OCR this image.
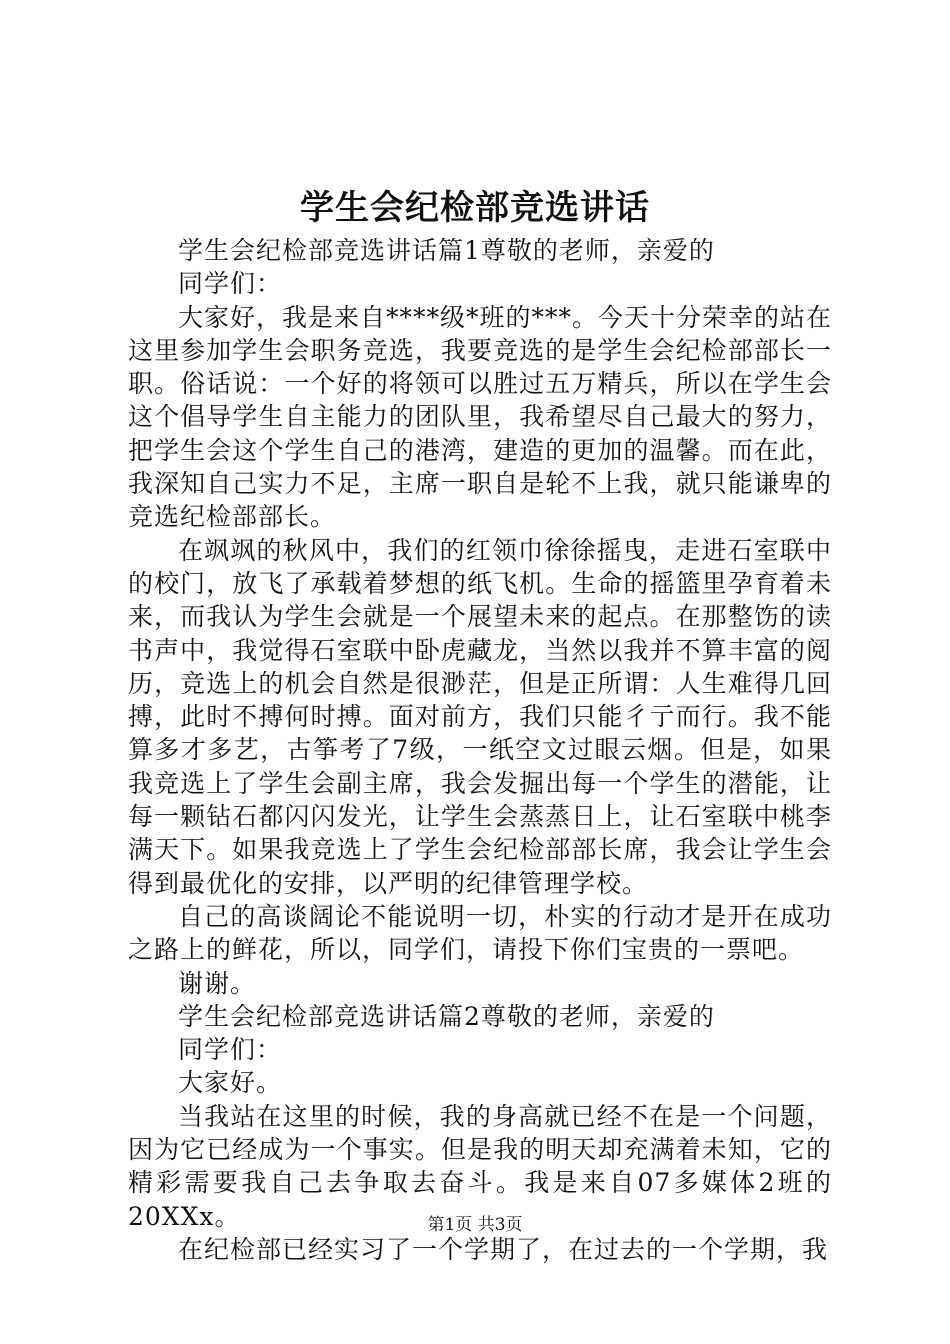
学生会纪检部竞选讲话

学生会纪检部竞选讲话篇1尊敬的老师，亲爱的

同学们：

大家好，我是来自****级*班的***。今天十分荣幸的站在这里参加学生会职务竞选，我要竞选的是学生会纪检部部长一职。俗话说：一个好的将领可以胜过五万精兵，所以在学生会这个倡导学生自主能力的团队里，我希望尽自己最大的努力，把学生会这个学生自己的港湾，建造的更加的温馨。而在此，我深知自己实力不足，主席一职自是轮不上我，就只能谦卑的竞选纪检部部长。

在飒飒的秋风中，我们的红领巾徐徐摇曳，走进石室联中的校门，放飞了承载着梦想的纸飞机。生命的摇篮里孕育着未来，而我认为学生会就是一个展望未来的起点。在那整饬的读书声中，我觉得石室联中卧虎藏龙，当然以我并不算丰富的阅历，竞选上的机会自然是很渺茫，但是正所谓：人生难得几回搏，此时不搏何时搏。面对前方，我们只能彳亍而行。我不能算多才多艺，古筝考了7级，一纸空文过眼云烟。但是，如果我竞选上了学生会副主席，我会发掘出每一个学生的潜能，让每一颗钻石都闪闪发光，让学生会蒸蒸日上，让石室联中桃李满天下。如果我竞选上了学生会纪检部部长席，我会让学生会得到最优化的安排，以严明的纪律管理学校。

自己的高谈阔论不能说明一切，朴实的行动才是开在成功之路上的鲜花，所以，同学们，请投下你们宝贵的一票吧。

谢谢。

学生会纪检部竞选讲话篇2尊敬的老师，亲爱的

同学们：

大家好。

当我站在这里的时候，我的身高就已经不在是一个问题，因为它已经成为一个事实。但是我的明天却充满着未知，它的精彩需要我自己去争取去奋斗。我是来自07多媒体2班的20XXx。

在纪检部已经实习了一个学期了，在过去的一个学期，我

第1页 共3页
